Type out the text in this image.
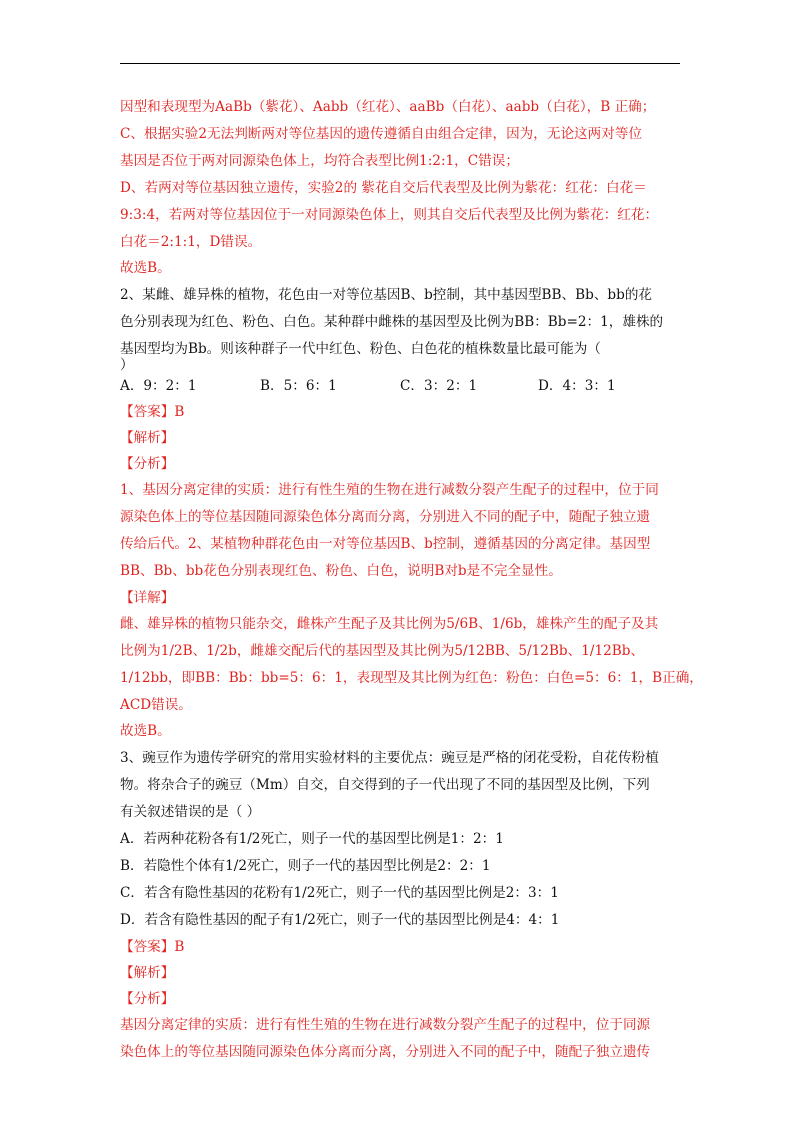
因型和表现型为AaBb（紫花）、Aabb（红花）、aaBb（白花）、aabb（白花），B 正确；
C、根据实验2无法判断两对等位基因的遗传遵循自由组合定律，因为，无论这两对等位
基因是否位于两对同源染色体上，均符合表型比例1:2:1，C错误；
D、若两对等位基因独立遗传，实验2的 紫花自交后代表型及比例为紫花：红花：白花＝
9:3:4，若两对等位基因位于一对同源染色体上，则其自交后代表型及比例为紫花：红花：
白花＝2:1:1，D错误。
故选B。
2、某雌、雄异株的植物，花色由一对等位基因B、b控制，其中基因型BB、Bb、bb的花
色分别表现为红色、粉色、白色。某种群中雌株的基因型及比例为BB：Bb=2：1，雄株的
基因型均为Bb。则该种群子一代中红色、粉色、白色花的植株数量比最可能为（
）
A．9：2：1	B．5：6：1	C．3：2：1	D．4：3：1
【答案】B
【解析】
【分析】
1、基因分离定律的实质：进行有性生殖的生物在进行减数分裂产生配子的过程中，位于同
源染色体上的等位基因随同源染色体分离而分离，分别进入不同的配子中，随配子独立遗
传给后代。2、某植物种群花色由一对等位基因B、b控制，遵循基因的分离定律。基因型
BB、Bb、bb花色分别表现红色、粉色、白色，说明B对b是不完全显性。
【详解】
雌、雄异株的植物只能杂交，雌株产生配子及其比例为5/6B、1/6b，雄株产生的配子及其
比例为1/2B、1/2b，雌雄交配后代的基因型及其比例为5/12BB、5/12Bb、1/12Bb、
1/12bb，即BB：Bb：bb=5：6：1，表现型及其比例为红色：粉色：白色=5：6：1，B正确，
ACD错误。
故选B。
3、豌豆作为遗传学研究的常用实验材料的主要优点：豌豆是严格的闭花受粉，自花传粉植
物。将杂合子的豌豆（Mm）自交，自交得到的子一代出现了不同的基因型及比例，下列
有关叙述错误的是（ ）
A．若两种花粉各有1/2死亡，则子一代的基因型比例是1：2：1
B．若隐性个体有1/2死亡，则子一代的基因型比例是2：2：1
C．若含有隐性基因的花粉有1/2死亡，则子一代的基因型比例是2：3：1
D．若含有隐性基因的配子有1/2死亡，则子一代的基因型比例是4：4：1
【答案】B
【解析】
【分析】
基因分离定律的实质：进行有性生殖的生物在进行减数分裂产生配子的过程中，位于同源
染色体上的等位基因随同源染色体分离而分离，分别进入不同的配子中，随配子独立遗传
